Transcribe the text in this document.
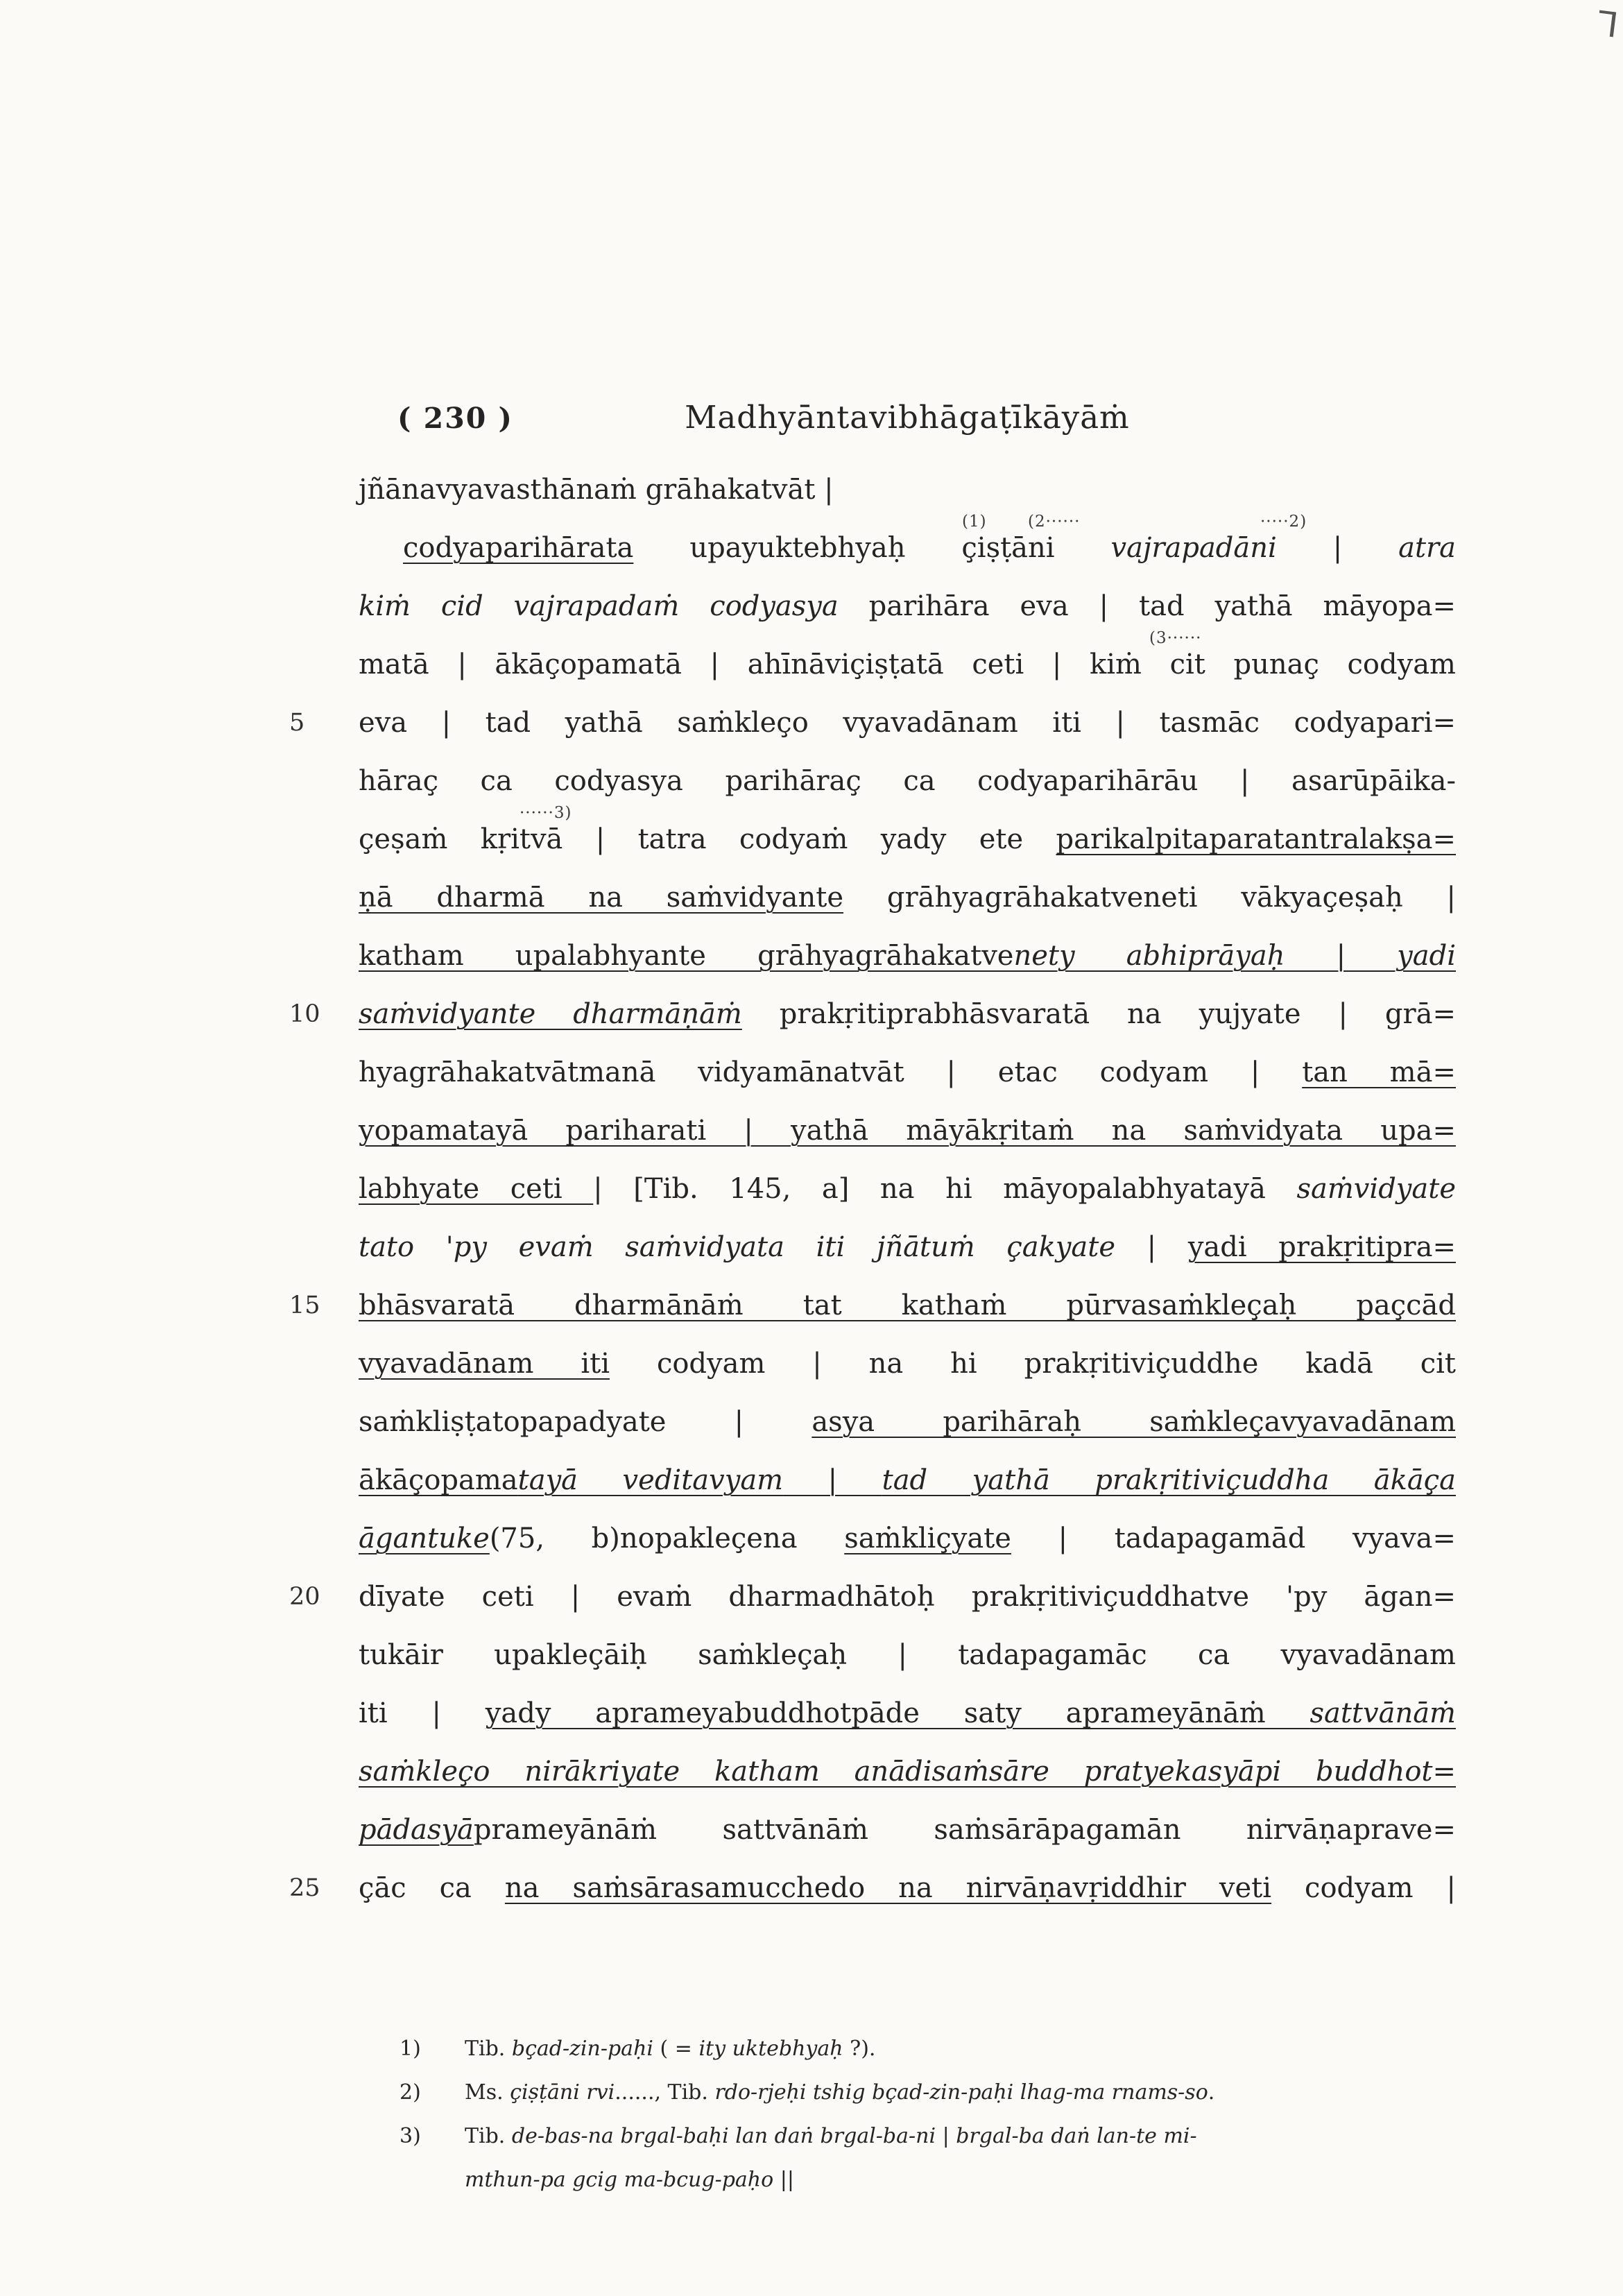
( 230 )	Madhyāntavibhāgaṭīkāyāṁ
jñānavyavasthānaṁ grāhakatvāt |
(1)	(2······	·····2)
codyaparihārata upayuktebhyaḥ çiṣṭāni vajrapadāni | atra
kiṁ cid vajrapadaṁ codyasya parihāra eva | tad yathā māyopa=
(3······
matā | ākāçopamatā | ahīnāviçiṣṭatā ceti | kiṁ cit punaç codyam
5 eva | tad yathā saṁkleço vyavadānam iti | tasmāc codyapari=
hāraç ca codyasya parihāraç ca codyaparihārāu | asarūpāika-
······3)
çeṣaṁ kṛitvā | tatra codyaṁ yady ete parikalpitaparatantralakṣa=
ṇā dharmā na saṁvidyante grāhyagrāhakatveneti vākyaçeṣaḥ |
katham upalabhyante grāhyagrāhakatvenety abhiprāyaḥ | yadi
10 saṁvidyante dharmāṇāṁ prakṛitiprabhāsvaratā na yujyate | grā=
hyagrāhakatvātmanā vidyamānatvāt | etac codyam | tan mā=
yopamatayā pariharati | yathā māyākṛitaṁ na saṁvidyata upa=
labhyate ceti | [Tib. 145, a] na hi māyopalabhyatayā saṁvidyate
tato 'py evaṁ saṁvidyata iti jñātuṁ çakyate | yadi prakṛitipra=
15 bhāsvaratā dharmānāṁ tat kathaṁ pūrvasaṁkleçaḥ paçcād
vyavadānam iti codyam | na hi prakṛitiviçuddhe kadā cit
saṁkliṣṭatopapadyate | asya parihāraḥ saṁkleçavyavadānam
ākāçopamatayā veditavyam | tad yathā prakṛitiviçuddha ākāça
āgantuke(75, b)nopakleçena saṁkliçyate | tadapagamād vyava=
20 dīyate ceti | evaṁ dharmadhātoḥ prakṛitiviçuddhatve 'py āgan=
tukāir upakleçāiḥ saṁkleçaḥ | tadapagamāc ca vyavadānam
iti | yady aprameyabuddhotpāde saty aprameyānāṁ sattvānāṁ
saṁkleço nirākriyate katham anādisaṁsāre pratyekasyāpi buddhot=
pādasyāprameyānāṁ sattvānāṁ saṁsārāpagamān nirvāṇaprave=
25 çāc ca na saṁsārasamucchedo na nirvāṇavṛiddhir veti codyam |
1) Tib. bçad-zin-paḥi ( = ity uktebhyaḥ ?).
2) Ms. çiṣṭāni rvi......, Tib. rdo-rjeḥi tshig bçad-zin-paḥi lhag-ma rnams-so.
3) Tib. de-bas-na brgal-baḥi lan daṅ brgal-ba-ni | brgal-ba daṅ lan-te mi-
mthun-pa gcig ma-bcug-paḥo ||
